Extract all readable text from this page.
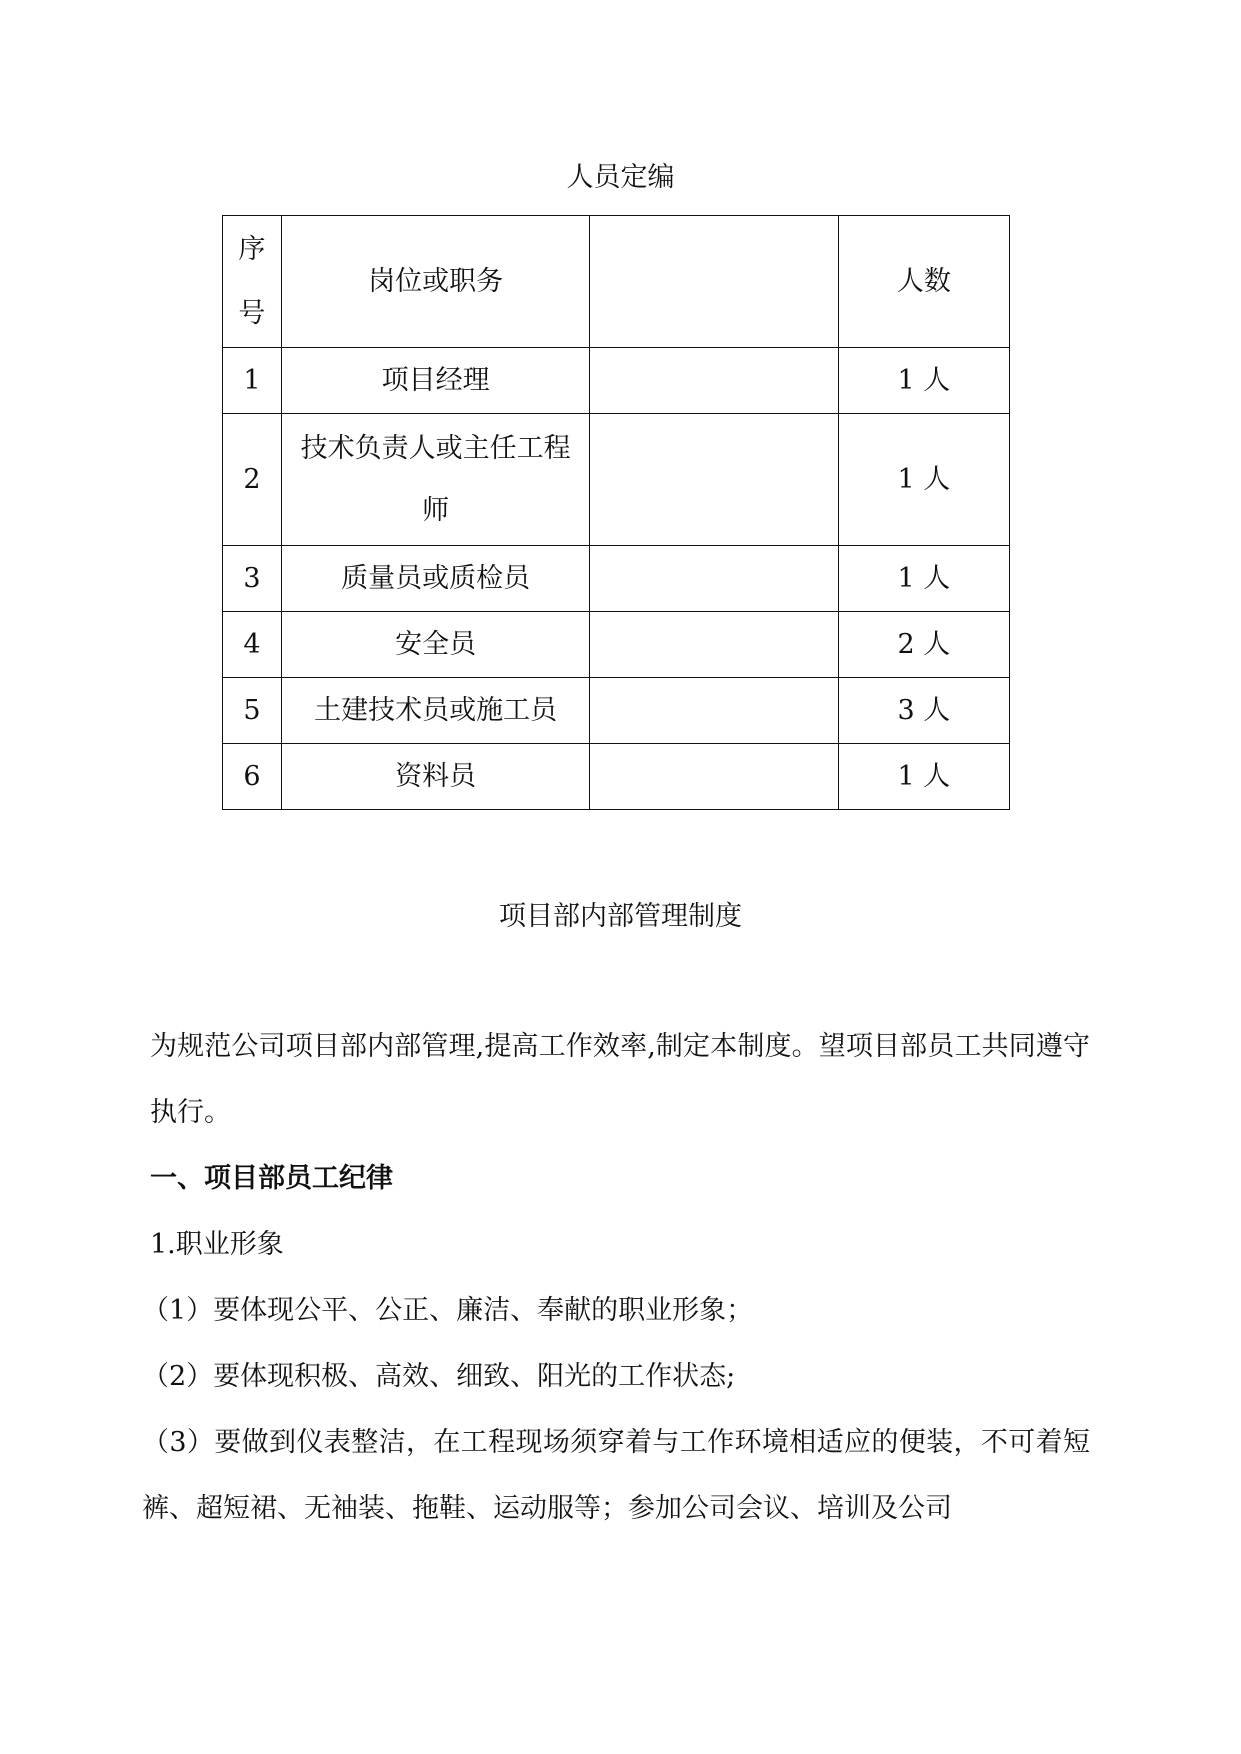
人员定编
序号	岗位或职务		人数
1	项目经理		1 人
2	技术负责人或主任工程师		1 人
3	质量员或质检员		1 人
4	安全员		2 人
5	土建技术员或施工员		3 人
6	资料员		1 人
项目部内部管理制度

为规范公司项目部内部管理,提高工作效率,制定本制度。望项目部员工共同遵守执行。

一、项目部员工纪律

1.职业形象

（1）要体现公平、公正、廉洁、奉献的职业形象；

（2）要体现积极、高效、细致、阳光的工作状态;

（3）要做到仪表整洁，在工程现场须穿着与工作环境相适应的便装，不可着短裤、超短裙、无袖装、拖鞋、运动服等；参加公司会议、培训及公司
